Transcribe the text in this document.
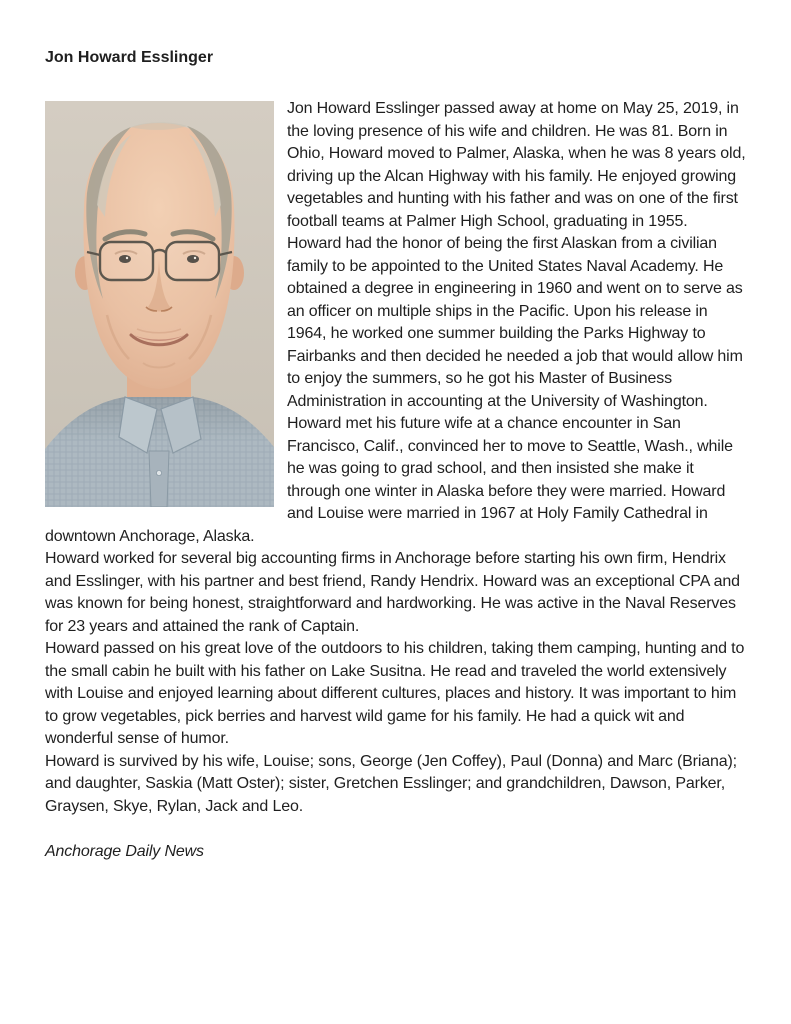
Jon Howard Esslinger

Jon Howard Esslinger passed away at home on May 25, 2019, in the loving presence of his wife and children. He was 81. Born in Ohio, Howard moved to Palmer, Alaska, when he was 8 years old, driving up the Alcan Highway with his family. He enjoyed growing vegetables and hunting with his father and was on one of the first football teams at Palmer High School, graduating in 1955.

Howard had the honor of being the first Alaskan from a civilian family to be appointed to the United States Naval Academy. He obtained a degree in engineering in 1960 and went on to serve as an officer on multiple ships in the Pacific. Upon his release in 1964, he worked one summer building the Parks Highway to Fairbanks and then decided he needed a job that would allow him to enjoy the summers, so he got his Master of Business Administration in accounting at the University of Washington.

Howard met his future wife at a chance encounter in San Francisco, Calif., convinced her to move to Seattle, Wash., while he was going to grad school, and then insisted she make it through one winter in Alaska before they were married. Howard and Louise were married in 1967 at Holy Family Cathedral in downtown Anchorage, Alaska.

Howard worked for several big accounting firms in Anchorage before starting his own firm, Hendrix and Esslinger, with his partner and best friend, Randy Hendrix. Howard was an exceptional CPA and was known for being honest, straightforward and hardworking. He was active in the Naval Reserves for 23 years and attained the rank of Captain.

Howard passed on his great love of the outdoors to his children, taking them camping, hunting and to the small cabin he built with his father on Lake Susitna. He read and traveled the world extensively with Louise and enjoyed learning about different cultures, places and history. It was important to him to grow vegetables, pick berries and harvest wild game for his family. He had a quick wit and wonderful sense of humor.

Howard is survived by his wife, Louise; sons, George (Jen Coffey), Paul (Donna) and Marc (Briana); and daughter, Saskia (Matt Oster); sister, Gretchen Esslinger; and grandchildren, Dawson, Parker, Graysen, Skye, Rylan, Jack and Leo.

Anchorage Daily News
